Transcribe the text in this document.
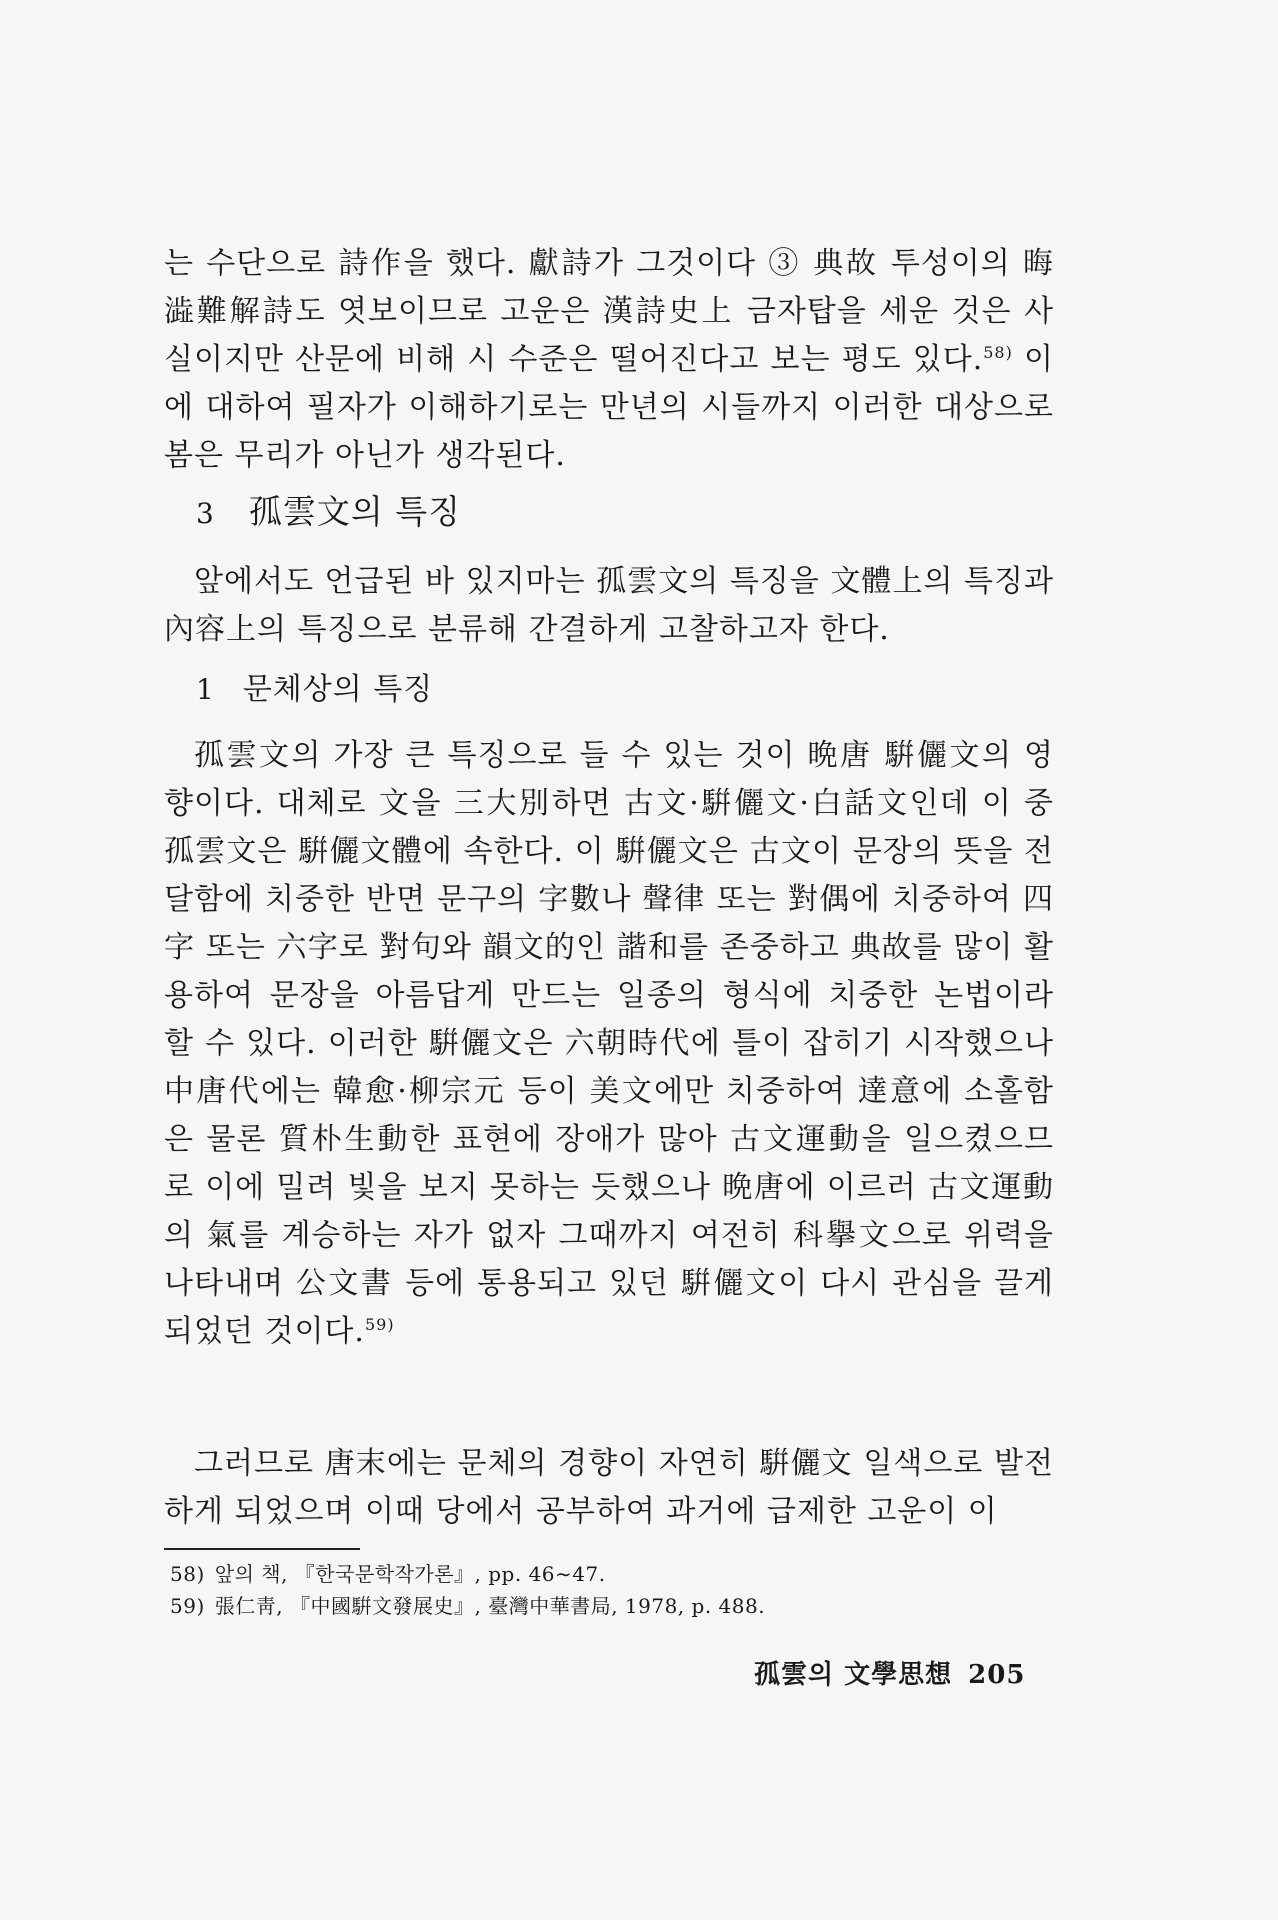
는 수단으로 詩作을 했다. 獻詩가 그것이다 ③ 典故 투성이의 晦澁難解詩도 엿보이므로 고운은 漢詩史上 금자탑을 세운 것은 사실이지만 산문에 비해 시 수준은 떨어진다고 보는 평도 있다.$^{58)}$ 이에 대하여 필자가 이해하기로는 만년의 시들까지 이러한 대상으로 봄은 무리가 아닌가 생각된다.

3 孤雲文의 특징

앞에서도 언급된 바 있지마는 孤雲文의 특징을 文體上의 특징과 內容上의 특징으로 분류해 간결하게 고찰하고자 한다.

1 문체상의 특징

孤雲文의 가장 큰 특징으로 들 수 있는 것이 晩唐 騈儷文의 영향이다. 대체로 文을 三大別하면 古文·騈儷文·白話文인데 이 중 孤雲文은 騈儷文體에 속한다. 이 騈儷文은 古文이 문장의 뜻을 전달함에 치중한 반면 문구의 字數나 聲律 또는 對偶에 치중하여 四字 또는 六字로 對句와 韻文的인 諧和를 존중하고 典故를 많이 활용하여 문장을 아름답게 만드는 일종의 형식에 치중한 논법이라 할 수 있다. 이러한 騈儷文은 六朝時代에 틀이 잡히기 시작했으나 中唐代에는 韓愈·柳宗元 등이 美文에만 치중하여 達意에 소홀함은 물론 質朴生動한 표현에 장애가 많아 古文運動을 일으켰으므로 이에 밀려 빛을 보지 못하는 듯했으나 晩唐에 이르러 古文運動의 氣를 계승하는 자가 없자 그때까지 여전히 科擧文으로 위력을 나타내며 公文書 등에 통용되고 있던 騈儷文이 다시 관심을 끌게 되었던 것이다.$^{59)}$

그러므로 唐末에는 문체의 경향이 자연히 騈儷文 일색으로 발전하게 되었으며 이때 당에서 공부하여 과거에 급제한 고운이 이

58) 앞의 책, 『한국문학작가론』, pp. 46∼47.
59) 張仁靑, 『中國騈文發展史』, 臺灣中華書局, 1978, p. 488.
孤雲의 文學思想 205
